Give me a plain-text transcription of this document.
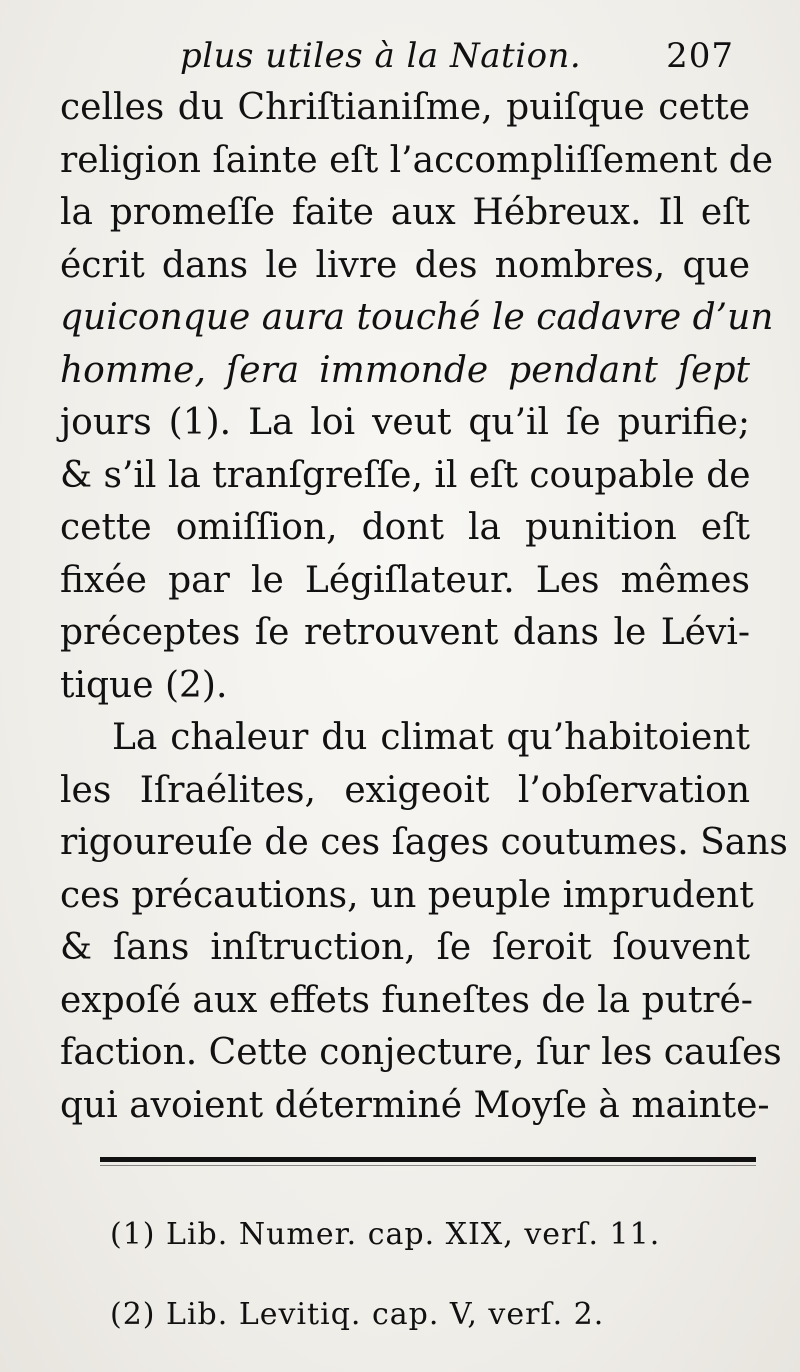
plus utiles à la Nation. 207
celles du Chriſtianiſme, puiſque cette
religion ſainte eſt l’accompliſſement de
la promeſſe faite aux Hébreux. Il eſt
écrit dans le livre des nombres, que
quiconque aura touché le cadavre d’un
homme, ſera immonde pendant ſept
jours (1). La loi veut qu’il ſe purifie;
& s’il la tranſgreſſe, il eſt coupable de
cette omiſſion, dont la punition eſt
fixée par le Légiſlateur. Les mêmes
préceptes ſe retrouvent dans le Lévi-
tique (2).
La chaleur du climat qu’habitoient
les Iſraélites, exigeoit l’obſervation
rigoureuſe de ces ſages coutumes. Sans
ces précautions, un peuple imprudent
& ſans inſtruction, ſe ſeroit ſouvent
expoſé aux effets funeſtes de la putré-
faction. Cette conjecture, ſur les cauſes
qui avoient déterminé Moyſe à mainte-
(1) Lib. Numer. cap. XIX, verſ. 11.
(2) Lib. Levitiq. cap. V, verſ. 2.
